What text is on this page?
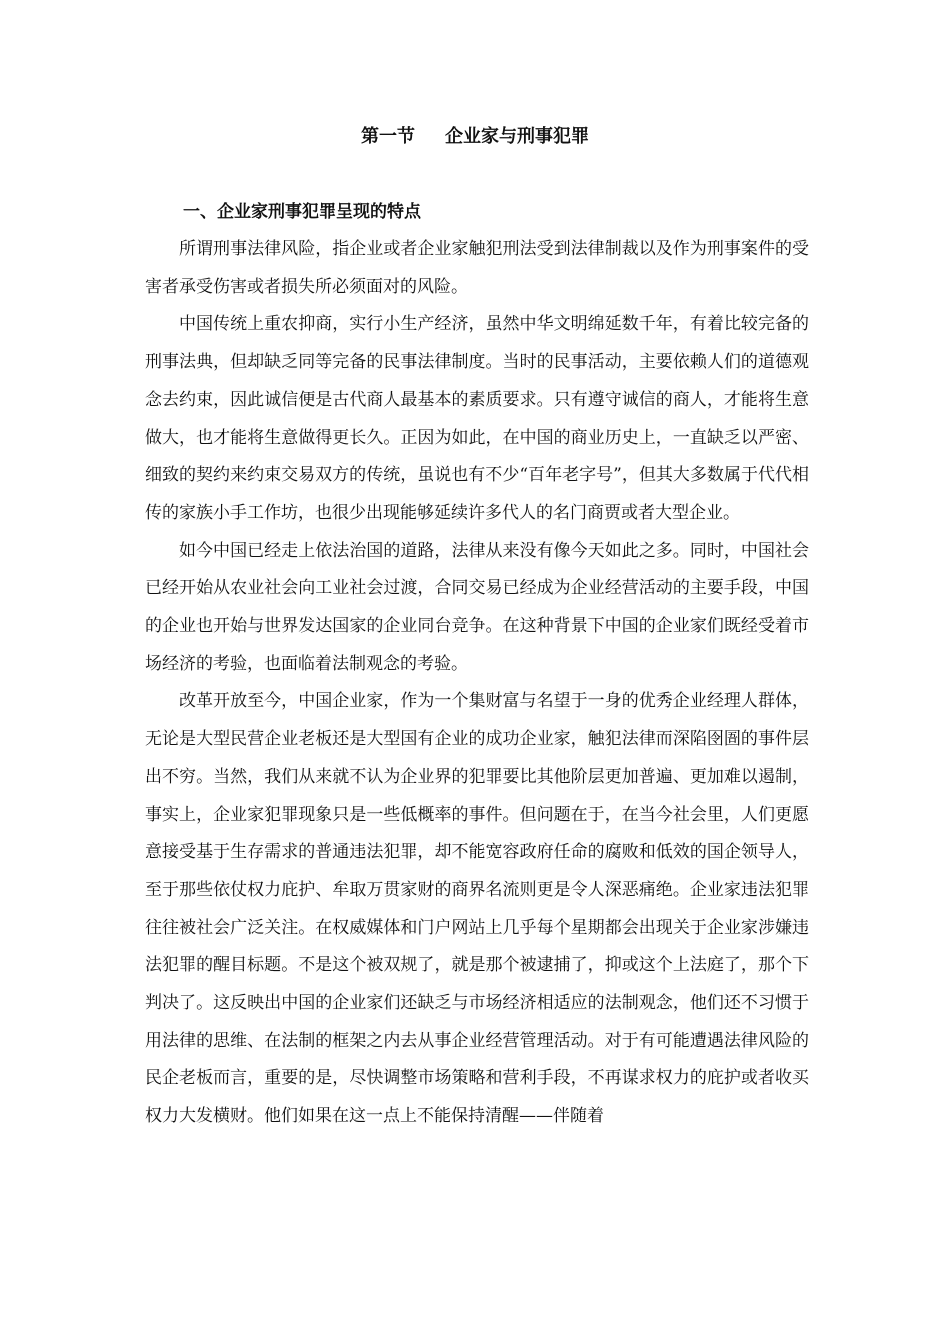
第一节 企业家与刑事犯罪
一、企业家刑事犯罪呈现的特点

所谓刑事法律风险，指企业或者企业家触犯刑法受到法律制裁以及作为刑事案件的受害者承受伤害或者损失所必须面对的风险。

中国传统上重农抑商，实行小生产经济，虽然中华文明绵延数千年，有着比较完备的刑事法典，但却缺乏同等完备的民事法律制度。当时的民事活动，主要依赖人们的道德观念去约束，因此诚信便是古代商人最基本的素质要求。只有遵守诚信的商人，才能将生意做大，也才能将生意做得更长久。正因为如此，在中国的商业历史上，一直缺乏以严密、细致的契约来约束交易双方的传统，虽说也有不少“百年老字号”，但其大多数属于代代相传的家族小手工作坊，也很少出现能够延续许多代人的名门商贾或者大型企业。

如今中国已经走上依法治国的道路，法律从来没有像今天如此之多。同时，中国社会已经开始从农业社会向工业社会过渡，合同交易已经成为企业经营活动的主要手段，中国的企业也开始与世界发达国家的企业同台竞争。在这种背景下中国的企业家们既经受着市场经济的考验，也面临着法制观念的考验。

改革开放至今，中国企业家，作为一个集财富与名望于一身的优秀企业经理人群体，无论是大型民营企业老板还是大型国有企业的成功企业家，触犯法律而深陷囹圄的事件层出不穷。当然，我们从来就不认为企业界的犯罪要比其他阶层更加普遍、更加难以遏制，事实上，企业家犯罪现象只是一些低概率的事件。但问题在于，在当今社会里，人们更愿意接受基于生存需求的普通违法犯罪，却不能宽容政府任命的腐败和低效的国企领导人，至于那些依仗权力庇护、牟取万贯家财的商界名流则更是令人深恶痛绝。企业家违法犯罪往往被社会广泛关注。在权威媒体和门户网站上几乎每个星期都会出现关于企业家涉嫌违法犯罪的醒目标题。不是这个被双规了，就是那个被逮捕了，抑或这个上法庭了，那个下判决了。这反映出中国的企业家们还缺乏与市场经济相适应的法制观念，他们还不习惯于用法律的思维、在法制的框架之内去从事企业经营管理活动。对于有可能遭遇法律风险的民企老板而言，重要的是，尽快调整市场策略和营利手段，不再谋求权力的庇护或者收买权力大发横财。他们如果在这一点上不能保持清醒——伴随着
